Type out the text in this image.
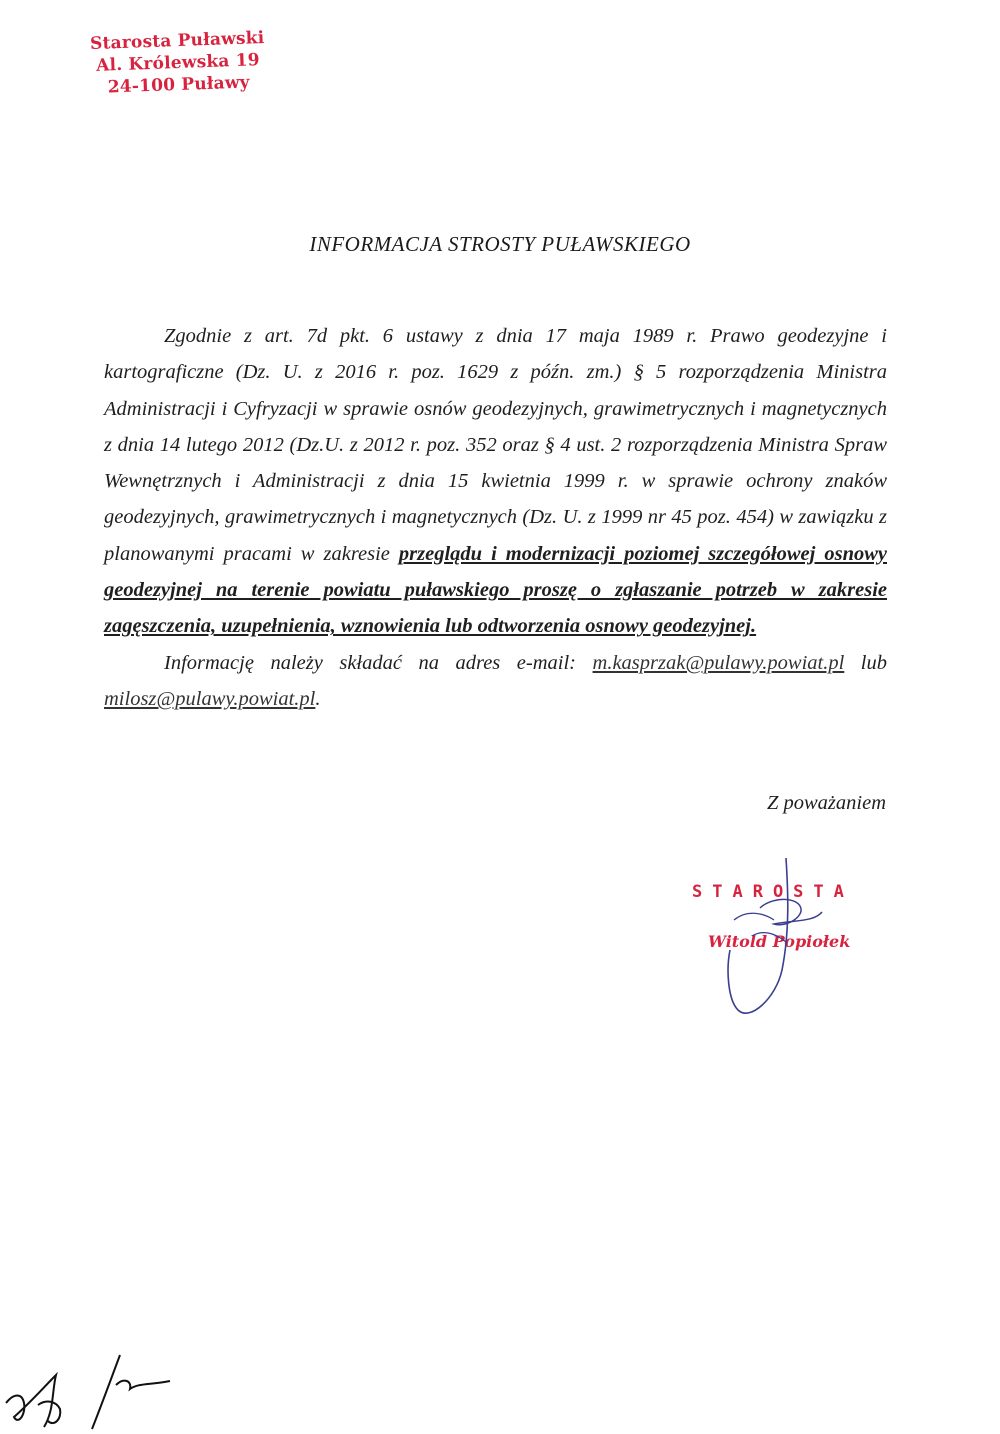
Starosta Puławski
Al. Królewska 19
24-100 Puławy
INFORMACJA STROSTY PUŁAWSKIEGO

Zgodnie z art. 7d pkt. 6 ustawy z dnia 17 maja 1989 r. Prawo geodezyjne i kartograficzne (Dz. U. z 2016 r. poz. 1629 z późn. zm.) § 5 rozporządzenia Ministra Administracji i Cyfryzacji w sprawie osnów geodezyjnych, grawimetrycznych i magnetycznych z dnia 14 lutego 2012 (Dz.U. z 2012 r. poz. 352 oraz § 4 ust. 2 rozporządzenia Ministra Spraw Wewnętrznych i Administracji z dnia 15 kwietnia 1999 r. w sprawie ochrony znaków geodezyjnych, grawimetrycznych i magnetycznych (Dz. U. z 1999 nr 45 poz. 454) w zawiązku z planowanymi pracami w zakresie przeglądu i modernizacji poziomej szczegółowej osnowy geodezyjnej na terenie powiatu puławskiego proszę o zgłaszanie potrzeb w zakresie zagęszczenia, uzupełnienia, wznowienia lub odtworzenia osnowy geodezyjnej.

Informację należy składać na adres e-mail: m.kasprzak@pulawy.powiat.pl lub milosz@pulawy.powiat.pl.

Z poważaniem
STAROSTA
Witold Popiołek
